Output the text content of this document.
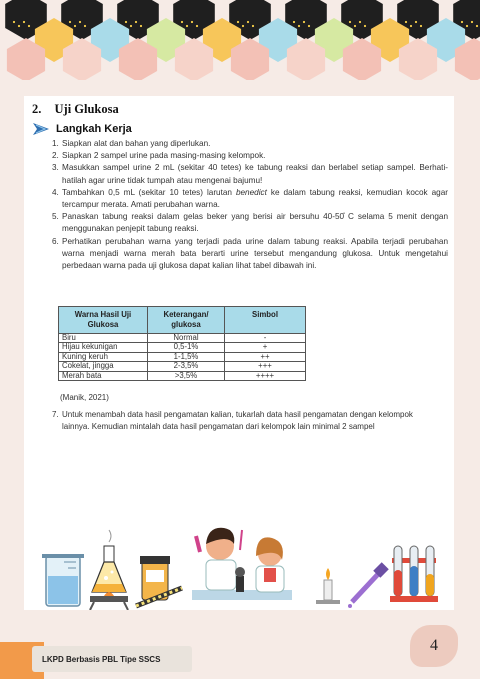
2. Uji Glukosa
Langkah Kerja
1. Siapkan alat dan bahan yang diperlukan.
2. Siapkan 2 sampel urine pada masing-masing kelompok.
3. Masukkan sampel urine 2 mL (sekitar 40 tetes) ke tabung reaksi dan berlabel setiap sampel. Berhati-hatilah agar urine tidak tumpah atau mengenai bajumu!
4. Tambahkan 0,5 mL (sekitar 10 tetes) larutan benedict ke dalam tabung reaksi, kemudian kocok agar tercampur merata. Amati perubahan warna.
5. Panaskan tabung reaksi dalam gelas beker yang berisi air bersuhu 40-50̊ C selama 5 menit dengan menggunakan penjepit tabung reaksi.
6. Perhatikan perubahan warna yang terjadi pada urine dalam tabung reaksi. Apabila terjadi perubahan warna menjadi warna merah bata berarti urine tersebut mengandung glukosa. Untuk mengetahui perbedaan warna pada uji glukosa dapat kalian lihat tabel dibawah ini.
Warna Hasil Uji Glukosa	Keterangan/ glukosa	Simbol
Biru	Normal	-
Hijau kekunigan	0,5-1%	+
Kuning keruh	1-1,5%	++
Cokelat, jingga	2-3,5%	+++
Merah bata	>3,5%	++++
(Manik, 2021)
7. Untuk menambah data hasil pengamatan kalian, tukarlah data hasil pengamatan dengan kelompok lainnya. Kemudian mintalah data hasil pengamatan dari kelompok lain minimal 2 sampel
LKPD Berbasis PBL Tipe SSCS
4
